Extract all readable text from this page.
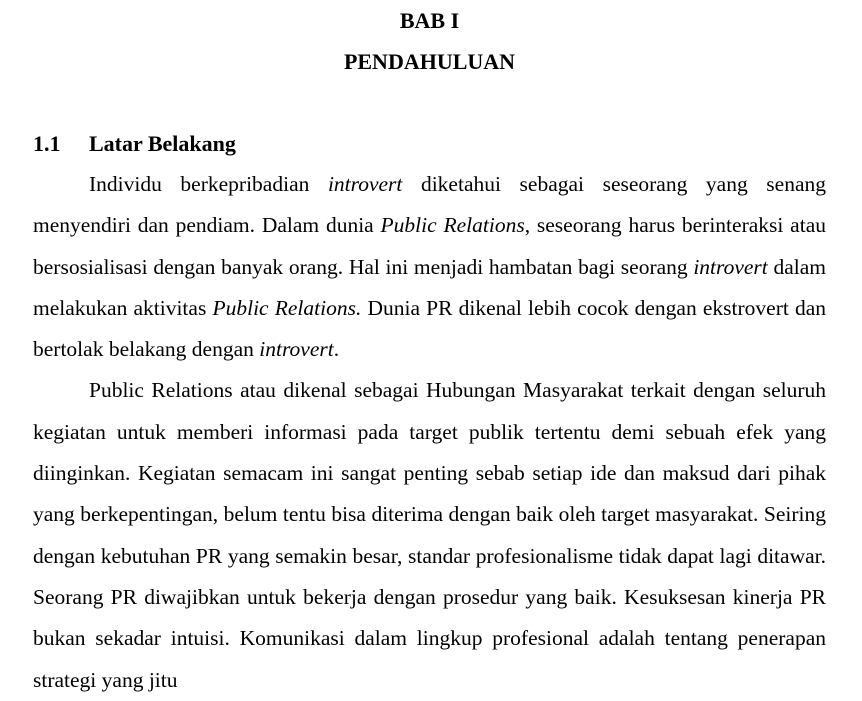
BAB I
PENDAHULUAN
1.1	Latar Belakang

Individu berkepribadian introvert diketahui sebagai seseorang yang senang menyendiri dan pendiam. Dalam dunia Public Relations, seseorang harus berinteraksi atau bersosialisasi dengan banyak orang. Hal ini menjadi hambatan bagi seorang introvert dalam melakukan aktivitas Public Relations. Dunia PR dikenal lebih cocok dengan ekstrovert dan bertolak belakang dengan introvert.

Public Relations atau dikenal sebagai Hubungan Masyarakat terkait dengan seluruh kegiatan untuk memberi informasi pada target publik tertentu demi sebuah efek yang diinginkan. Kegiatan semacam ini sangat penting sebab setiap ide dan maksud dari pihak yang berkepentingan, belum tentu bisa diterima dengan baik oleh target masyarakat. Seiring dengan kebutuhan PR yang semakin besar, standar profesionalisme tidak dapat lagi ditawar. Seorang PR diwajibkan untuk bekerja dengan prosedur yang baik. Kesuksesan kinerja PR bukan sekadar intuisi. Komunikasi dalam lingkup profesional adalah tentang penerapan strategi yang jitu
